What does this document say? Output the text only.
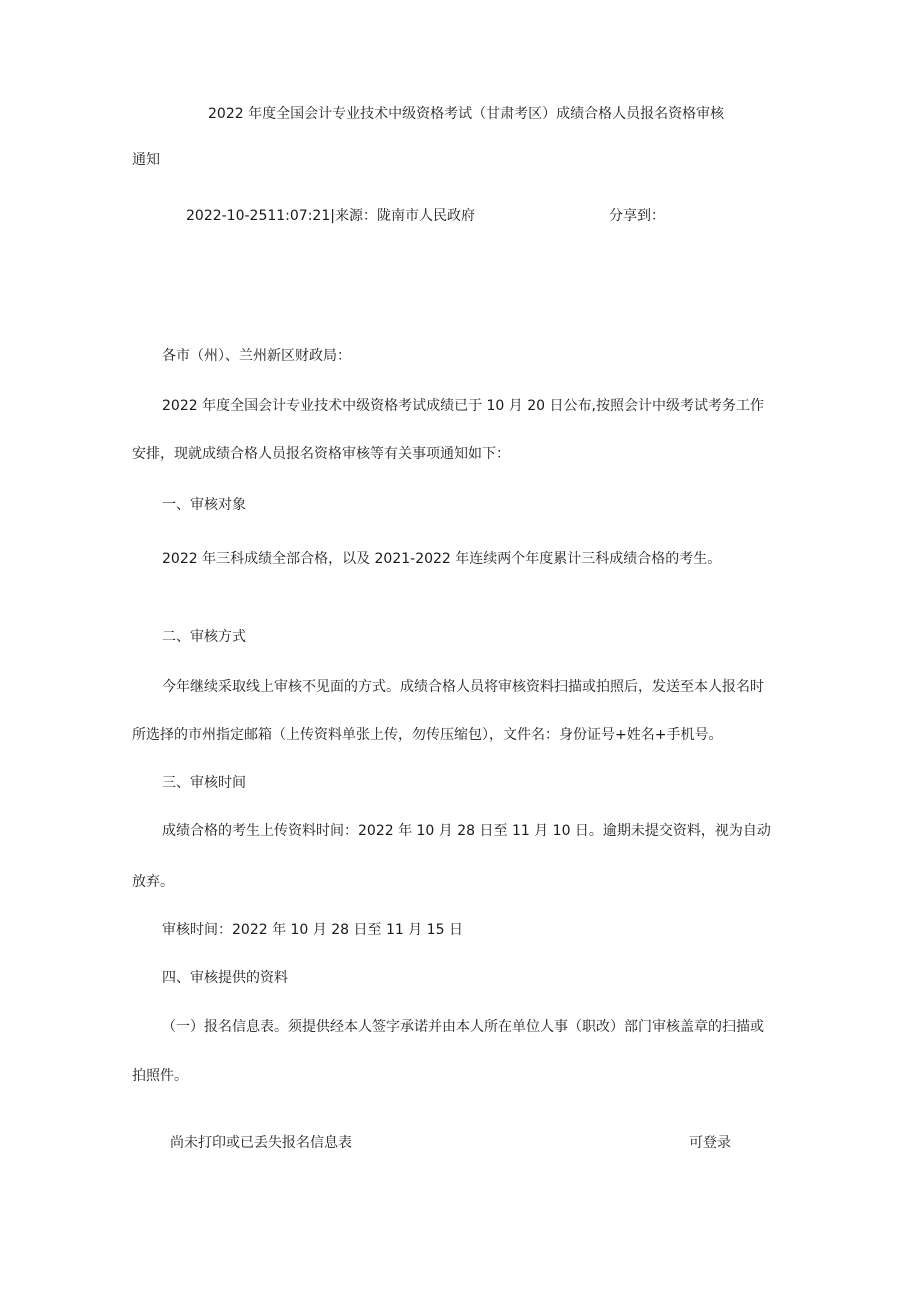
2022 年度全国会计专业技术中级资格考试（甘肃考区）成绩合格人员报名资格审核
通知
2022-10-2511:07:21|来源：陇南市人民政府	分享到：
各市（州）、兰州新区财政局：
2022 年度全国会计专业技术中级资格考试成绩已于 10 月 20 日公布,按照会计中级考试考务工作
安排，现就成绩合格人员报名资格审核等有关事项通知如下：
一、审核对象
2022 年三科成绩全部合格，以及 2021-2022 年连续两个年度累计三科成绩合格的考生。
二、审核方式
今年继续采取线上审核不见面的方式。成绩合格人员将审核资料扫描或拍照后，发送至本人报名时
所选择的市州指定邮箱（上传资料单张上传，勿传压缩包），文件名：身份证号+姓名+手机号。
三、审核时间
成绩合格的考生上传资料时间：2022 年 10 月 28 日至 11 月 10 日。逾期未提交资料，视为自动
放弃。
审核时间：2022 年 10 月 28 日至 11 月 15 日
四、审核提供的资料
（一）报名信息表。须提供经本人签字承诺并由本人所在单位人事（职改）部门审核盖章的扫描或
拍照件。
尚未打印或已丢失报名信息表	可登录
